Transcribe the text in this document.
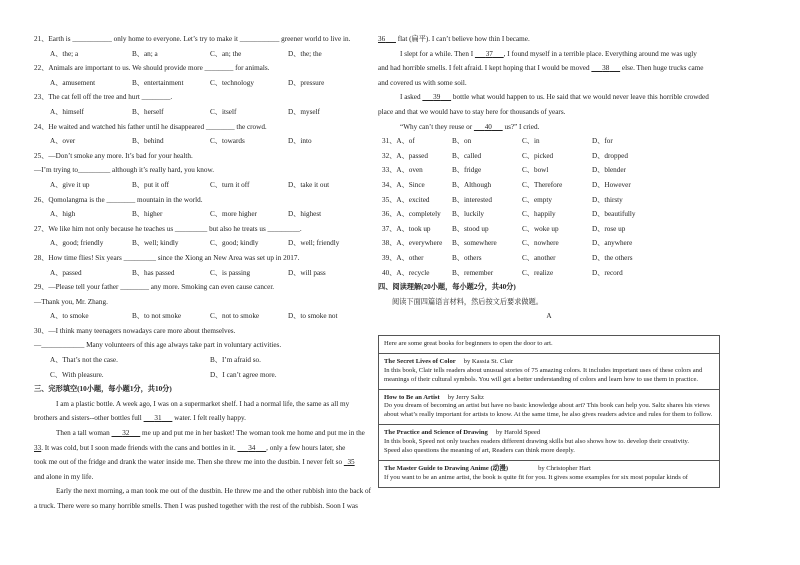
21、Earth is ___________ only home to everyone. Let’s try to make it ___________ greener world to live in.
A、the; a	B、an; a	C、an; the	D、the; the
22、Animals are important to us. We should provide more ________ for animals.
A、amusement	B、entertainment	C、technology	D、pressure
23、The cat fell off the tree and hurt ________.
A、himself	B、herself	C、itself	D、myself
24、He waited and watched his father until he disappeared ________ the crowd.
A、over	B、behind	C、towards	D、into
25、—Don’t smoke any more. It’s bad for your health.
—I’m trying to_________ although it’s really hard, you know.
A、give it up	B、put it off	C、turn it off	D、take it out
26、Qomolangma is the ________ mountain in the world.
A、high	B、higher	C、more higher	D、highest
27、We like him not only because he teaches us _________ but also he treats us _________.
A、good; friendly	B、well; kindly	C、good; kindly	D、well; friendly
28、How time flies! Six years _________ since the Xiong an New Area was set up in 2017.
A、passed	B、has passed	C、is passing	D、will pass
29、—Please tell your father ________ any more. Smoking can even cause cancer.
—Thank you, Mr. Zhang.
A、to smoke	B、to not smoke	C、not to smoke	D、to smoke not
30、—I think many teenagers nowadays care more about themselves.
—____________ Many volunteers of this age always take part in voluntary activities.
A、That’s not the case.	B、I’m afraid so.
C、With pleasure.	D、I can’t agree more.
三、完形填空(10小题，每小题1分，共10分)
I am a plastic bottle. A week ago, I was on a supermarket shelf. I had a normal life, the same as all my
brothers and sisters--other bottles full       31       water. I felt really happy.
Then a tall woman       32       me up and put me in her basket! The woman took me home and put me in the
33. It was cold, but I soon made friends with the cans and bottles in it.       34 , only a few hours later, she
took me out of the fridge and drank the water inside me. Then she threw me into the dustbin. I never felt so   35
and alone in my life.
Early the next morning, a man took me out of the dustbin. He threw me and the other rubbish into the back of
a truck. There were so many horrible smells. Then I was pushed together with the rest of the rubbish. Soon I was
36       flat (扁平). I can’t believe how thin I became.
I slept for a while. Then I       37 , I found myself in a terrible place. Everything around me was ugly
and had horrible smells. I felt afraid. I kept hoping that I would be moved       38       else. Then huge trucks came
and covered us with some soil.
I asked       39       bottle what would happen to us. He said that we would never leave this horrible crowded
place and that we would have to stay here for thousands of years.
“Why can’t they reuse or       40       us?” I cried.
31、A、of	B、on	C、in	D、for
32、A、passed	B、called	C、picked	D、dropped
33、A、oven	B、fridge	C、bowl	D、blender
34、A、Since	B、Although	C、Therefore	D、However
35、A、excited	B、interested	C、empty	D、thirsty
36、A、completely B、luckily	C、happily	D、beautifully
37、A、took up	B、stood up	C、woke up	D、rose up
38、A、everywhere B、somewhere	C、nowhere	D、anywhere
39、A、other	B、others	C、another	D、the others
40、A、recycle	B、remember	C、realize	D、record
四、阅读理解(20小题，每小题2分，共40分)
阅读下面四篇语言材料，然后按文后要求做题。
A
Here are some great books for beginners to open the door to art.
The Secret Lives of Color by Kassia St. Clair
In this book, Clair tells readers about unusual stories of 75 amazing colors. It includes important uses of these colors and meanings of their cultural symbols. You will get a better understanding of colors and learn how to use them in practice.
How to Be an Artist by Jerry Saltz
Do you dream of becoming an artist but have no basic knowledge about art? This book can help you. Saltz shares his views about what’s really important for artists to know. At the same time, he also gives readers advice and rules for them to follow.
The Practice and Science of Drawing by Harold Speed
In this book, Speed not only teaches readers different drawing skills but also shows how to. develop their creativity.
Speed also questions the meaning of art, Readers can think more deeply.
The Master Guide to Drawing Anime (动漫)	by Christopher Hart
If you want to be an anime artist, the book is quite fit for you. It gives some examples for six most popular kinds of
